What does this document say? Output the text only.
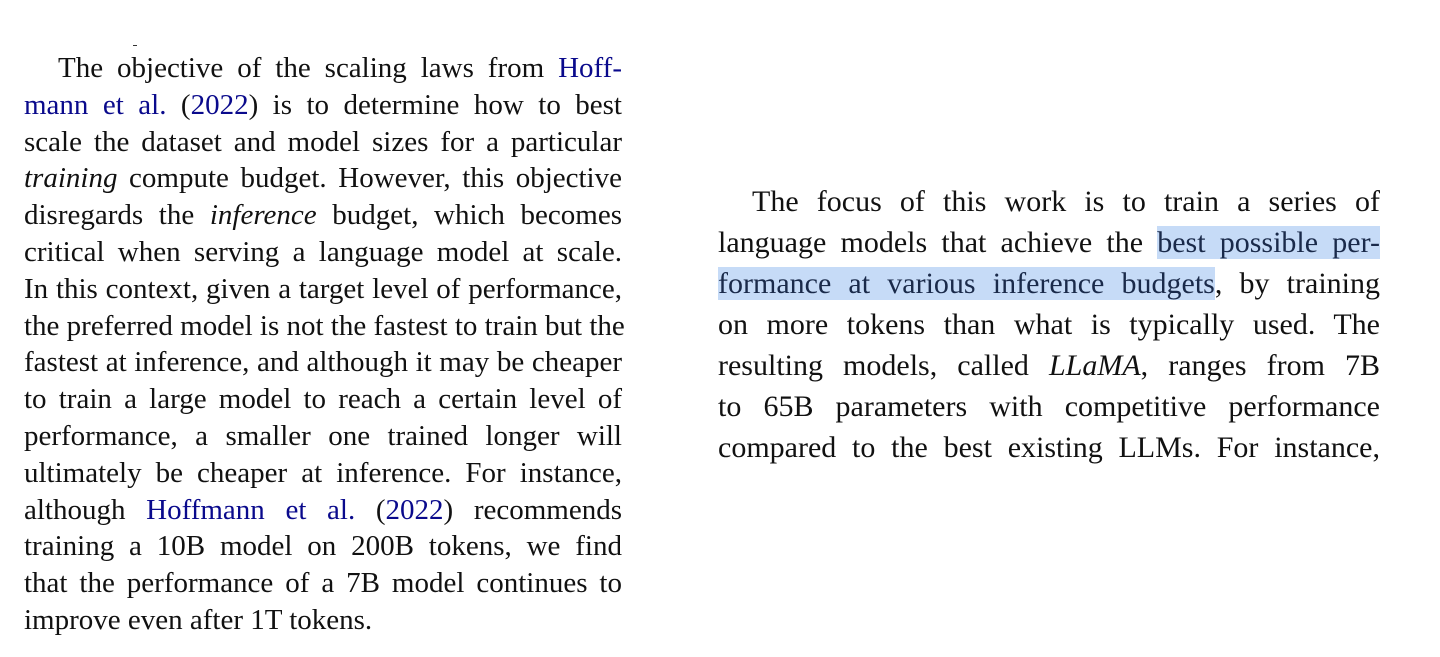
The objective of the scaling laws from Hoff-
mann et al. (2022) is to determine how to best
scale the dataset and model sizes for a particular
training compute budget. However, this objective
disregards the inference budget, which becomes
critical when serving a language model at scale.
In this context, given a target level of performance,
the preferred model is not the fastest to train but the
fastest at inference, and although it may be cheaper
to train a large model to reach a certain level of
performance, a smaller one trained longer will
ultimately be cheaper at inference. For instance,
although Hoffmann et al. (2022) recommends
training a 10B model on 200B tokens, we find
that the performance of a 7B model continues to
improve even after 1T tokens.
The focus of this work is to train a series of
language models that achieve the best possible per-
formance at various inference budgets, by training
on more tokens than what is typically used. The
resulting models, called LLaMA, ranges from 7B
to 65B parameters with competitive performance
compared to the best existing LLMs. For instance,
